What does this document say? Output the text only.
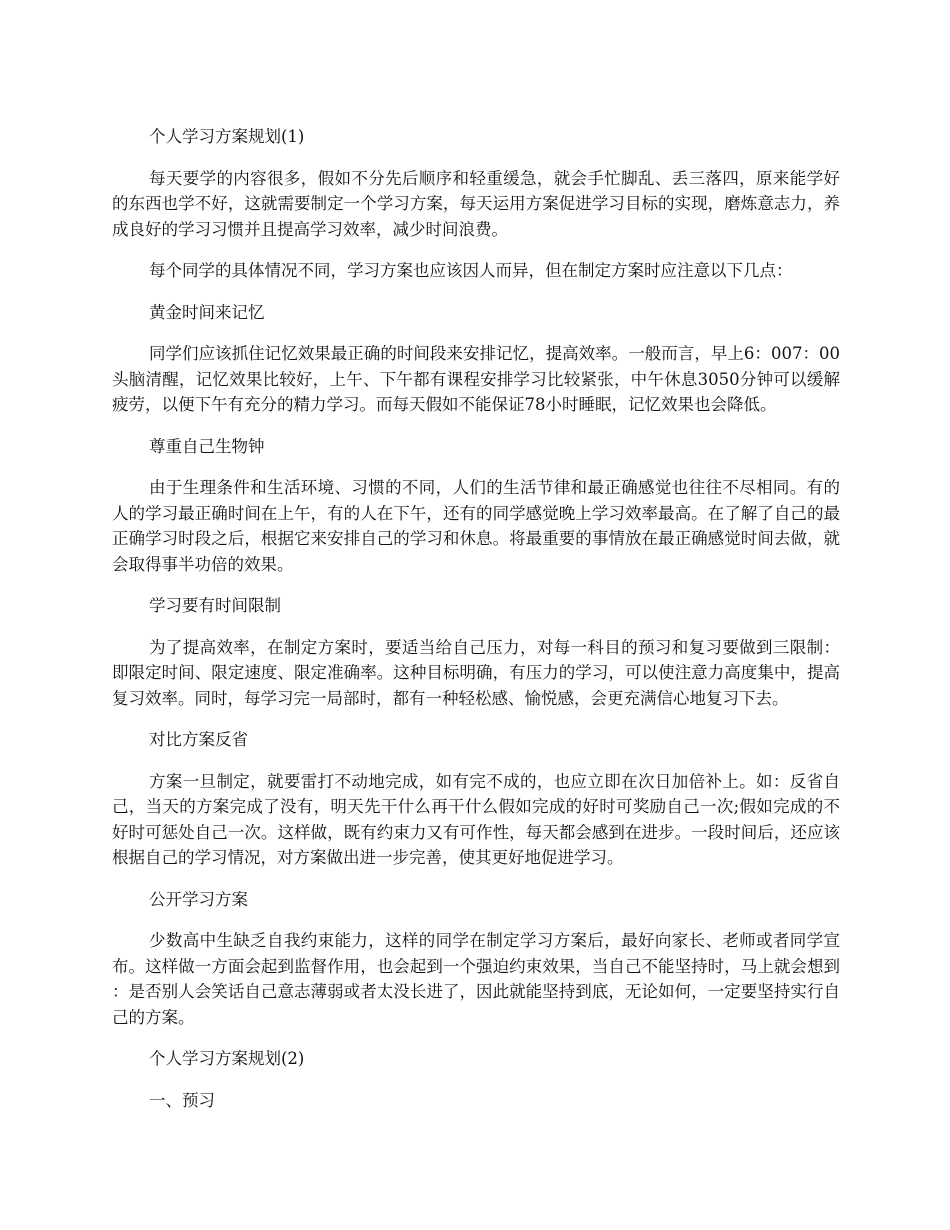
个人学习方案规划(1)

每天要学的内容很多，假如不分先后顺序和轻重缓急，就会手忙脚乱、丢三落四，原来能学好的东西也学不好，这就需要制定一个学习方案，每天运用方案促进学习目标的实现，磨炼意志力，养成良好的学习习惯并且提高学习效率，减少时间浪费。

每个同学的具体情况不同，学习方案也应该因人而异，但在制定方案时应注意以下几点：

黄金时间来记忆

同学们应该抓住记忆效果最正确的时间段来安排记忆，提高效率。一般而言，早上6：007：00头脑清醒，记忆效果比较好，上午、下午都有课程安排学习比较紧张，中午休息3050分钟可以缓解疲劳，以便下午有充分的精力学习。而每天假如不能保证78小时睡眠，记忆效果也会降低。

尊重自己生物钟

由于生理条件和生活环境、习惯的不同，人们的生活节律和最正确感觉也往往不尽相同。有的人的学习最正确时间在上午，有的人在下午，还有的同学感觉晚上学习效率最高。在了解了自己的最正确学习时段之后，根据它来安排自己的学习和休息。将最重要的事情放在最正确感觉时间去做，就会取得事半功倍的效果。

学习要有时间限制

为了提高效率，在制定方案时，要适当给自己压力，对每一科目的预习和复习要做到三限制：即限定时间、限定速度、限定准确率。这种目标明确，有压力的学习，可以使注意力高度集中，提高复习效率。同时，每学习完一局部时，都有一种轻松感、愉悦感，会更充满信心地复习下去。

对比方案反省

方案一旦制定，就要雷打不动地完成，如有完不成的，也应立即在次日加倍补上。如：反省自己，当天的方案完成了没有，明天先干什么再干什么假如完成的好时可奖励自己一次;假如完成的不好时可惩处自己一次。这样做，既有约束力又有可作性，每天都会感到在进步。一段时间后，还应该根据自己的学习情况，对方案做出进一步完善，使其更好地促进学习。

公开学习方案

少数高中生缺乏自我约束能力，这样的同学在制定学习方案后，最好向家长、老师或者同学宣布。这样做一方面会起到监督作用，也会起到一个强迫约束效果，当自己不能坚持时，马上就会想到：是否别人会笑话自己意志薄弱或者太没长进了，因此就能坚持到底，无论如何，一定要坚持实行自己的方案。

个人学习方案规划(2)

一、预习
